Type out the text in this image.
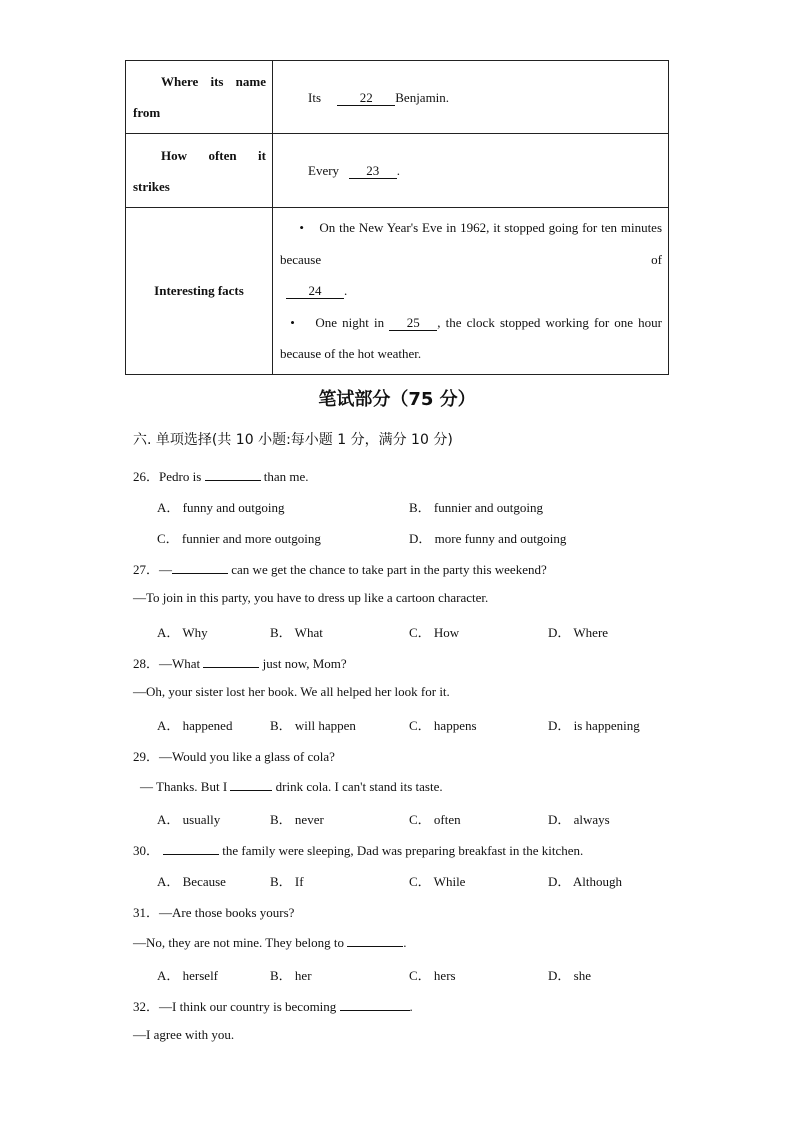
Where its name
from	Its 22 Benjamin.

How often it
strikes	Every 23 .

Interesting facts	• On the New Year's Eve in 1962, it stopped going for ten minutes because of

24 .

• One night in 25 , the clock stopped working for one hour because of the hot weather.

笔试部分（75 分）
六. 单项选择(共 10 小题:每小题 1 分，满分 10 分)
26．Pedro is	than me.
A． funny and outgoing	B． funnier and outgoing
C． funnier and more outgoing	D． more funny and outgoing
27．—	can we get the chance to take part in the party this weekend?
—To join in this party, you have to dress up like a cartoon character.
A． Why	B． What	C． How	D． Where
28．—What	just now, Mom?
—Oh, your sister lost her book. We all helped her look for it.
A． happened	B． will happen	C． happens	D． is happening
29．—Would you like a glass of cola?
— Thanks. But I	drink cola. I can't stand its taste.
A． usually	B． never	C． often	D． always
30．	the family were sleeping, Dad was preparing breakfast in the kitchen.
A． Because	B． If	C． While	D． Although
31．—Are those books yours?
—No, they are not mine. They belong to	.
A． herself	B． her	C． hers	D． she
32．—I think our country is becoming	.
—I agree with you.
